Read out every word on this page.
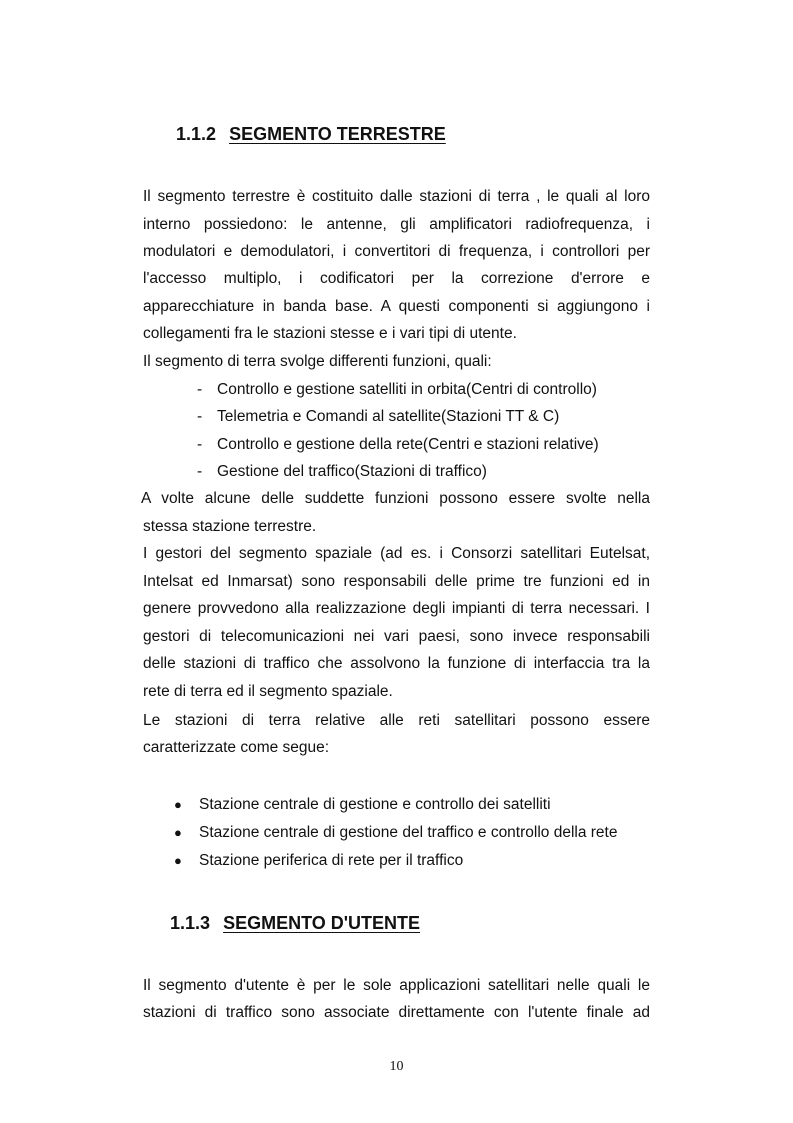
1.1.2 SEGMENTO TERRESTRE
Il segmento terrestre è costituito dalle stazioni di terra , le quali al loro
interno possiedono: le antenne, gli amplificatori radiofrequenza, i
modulatori e demodulatori, i convertitori di frequenza, i controllori per
l'accesso multiplo, i codificatori per la correzione d'errore e
apparecchiature in banda base. A questi componenti si aggiungono i
collegamenti fra le stazioni stesse e i vari tipi di utente.
Il segmento di terra svolge differenti funzioni, quali:
- Controllo e gestione satelliti in orbita(Centri di controllo)
- Telemetria e Comandi al satellite(Stazioni TT & C)
- Controllo e gestione della rete(Centri e stazioni relative)
- Gestione del traffico(Stazioni di traffico)
A volte alcune delle suddette funzioni possono essere svolte nella
stessa stazione terrestre.
I gestori del segmento spaziale (ad es. i Consorzi satellitari Eutelsat,
Intelsat ed Inmarsat) sono responsabili delle prime tre funzioni ed in
genere provvedono alla realizzazione degli impianti di terra necessari. I
gestori di telecomunicazioni nei vari paesi, sono invece responsabili
delle stazioni di traffico che assolvono la funzione di interfaccia tra la
rete di terra ed il segmento spaziale.
Le stazioni di terra relative alle reti satellitari possono essere
caratterizzate come segue:
● Stazione centrale di gestione e controllo dei satelliti
● Stazione centrale di gestione del traffico e controllo della rete
● Stazione periferica di rete per il traffico
1.1.3 SEGMENTO D'UTENTE
Il segmento d'utente è per le sole applicazioni satellitari nelle quali le
stazioni di traffico sono associate direttamente con l'utente finale ad
10
